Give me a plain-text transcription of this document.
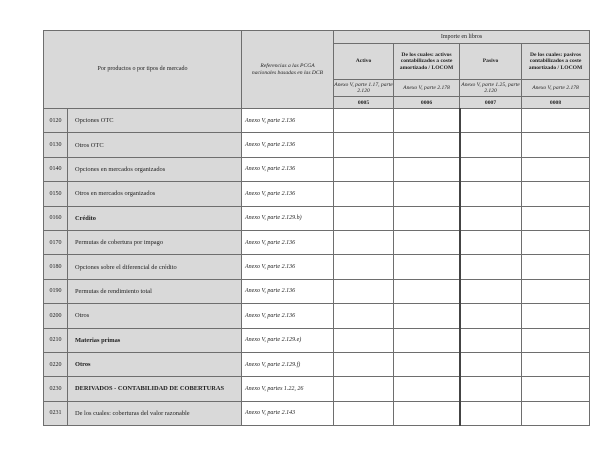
Por productos o por tipos de mercado		Referencias a las PCGA nacionales basadas en las DCB	Importe en libros			
			Activo	De los cuales: activos contabilizados a coste amortizado / LOCOM	Pasivo	De los cuales: pasivos contabilizados a coste amortizado / LOCOM
			Anexo V, parte 1.17, parte 2.120	Anexo V, parte 2.178	Anexo V, parte 1.25, parte 2.120	Anexo V, parte 2.178
			0005	0006	0007	0008
0120	Opciones OTC	Anexo V, parte 2.136				
0130	Otros OTC	Anexo V, parte 2.136				
0140	Opciones en mercados organizados	Anexo V, parte 2.136				
0150	Otros en mercados organizados	Anexo V, parte 2.136				
0160	Crédito	Anexo V, parte 2.129.b)				
0170	Permutas de cobertura por impago	Anexo V, parte 2.136				
0180	Opciones sobre el diferencial de crédito	Anexo V, parte 2.136				
0190	Permutas de rendimiento total	Anexo V, parte 2.136				
0200	Otros	Anexo V, parte 2.136				
0210	Materias primas	Anexo V, parte 2.129.e)				
0220	Otros	Anexo V, parte 2.129.f)				
0230	DERIVADOS - CONTABILIDAD DE COBERTURAS	Anexo V, partes 1.22, 26				
0231	De los cuales: coberturas del valor razonable	Anexo V, parte 2.143				
